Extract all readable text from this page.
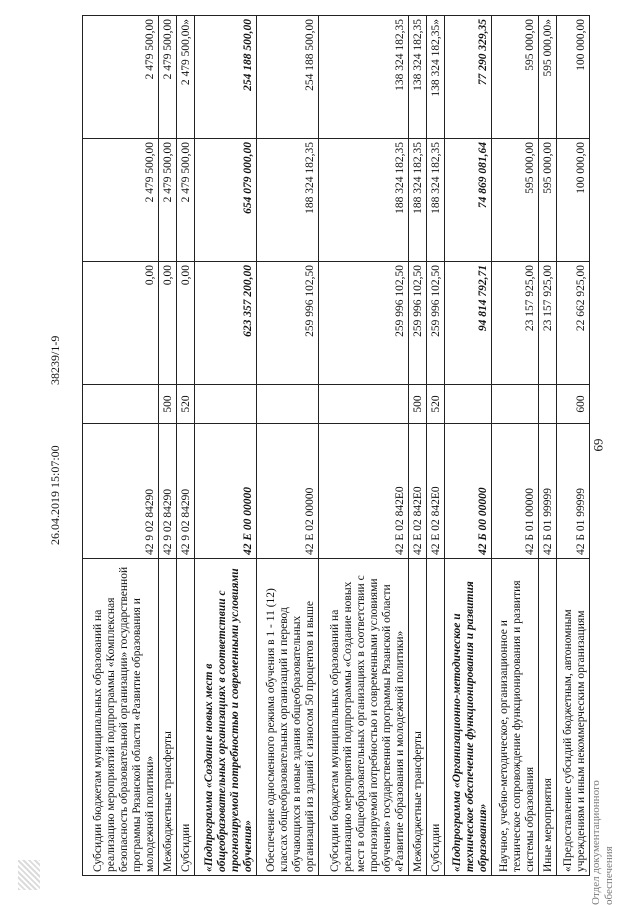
69
Субсидии бюджетам муниципальных образований на реализацию мероприятий подпрограммы «Комплексная безопасность образовательной организации» государственной программы Рязанской области «Развитие образования и молодежной политики»	42 9 02 84290		0,00	2 479 500,00	2 479 500,00
Межбюджетные трансферты	42 9 02 84290	500	0,00	2 479 500,00	2 479 500,00
Субсидии	42 9 02 84290	520	0,00	2 479 500,00	2 479 500,00»
«Подпрограмма «Создание новых мест в общеобразовательных организациях в соответствии с прогнозируемой потребностью и современными условиями обучения»	42 Е 00 00000		623 357 200,00	654 079 000,00	254 188 500,00
Обеспечение односменного режима обучения в 1 - 11 (12) классах общеобразовательных организаций и перевод обучающихся в новые здания общеобразовательных организаций из зданий с износом 50 процентов и выше	42 Е 02 00000		259 996 102,50	188 324 182,35	254 188 500,00
Субсидии бюджетам муниципальных образований на реализацию мероприятий подпрограммы «Создание новых мест в общеобразовательных организациях в соответствии с прогнозируемой потребностью и современными условиями обучения» государственной программы Рязанской области «Развитие образования и молодежной политики»	42 Е 02 842Е0		259 996 102,50	188 324 182,35	138 324 182,35
Межбюджетные трансферты	42 Е 02 842Е0	500	259 996 102,50	188 324 182,35	138 324 182,35
Субсидии	42 Е 02 842Е0	520	259 996 102,50	188 324 182,35	138 324 182,35»
«Подпрограмма «Организационно-методическое и техническое обеспечение функционирования и развития образования»	42 Б 00 00000		94 814 792,71	74 869 081,64	77 290 329,35
Научное, учебно-методическое, организационное и техническое сопровождение функционирования и развития системы образования	42 Б 01 00000		23 157 925,00	595 000,00	595 000,00
Иные мероприятия	42 Б 01 99999		23 157 925,00	595 000,00	595 000,00»
«Предоставление субсидий бюджетным, автономным учреждениям и иным некоммерческим организациям	42 Б 01 99999	600	22 662 925,00	100 000,00	100 000,00
26.04.2019 15:07:00
38239/1-9
Отдел документационного обеспечения
